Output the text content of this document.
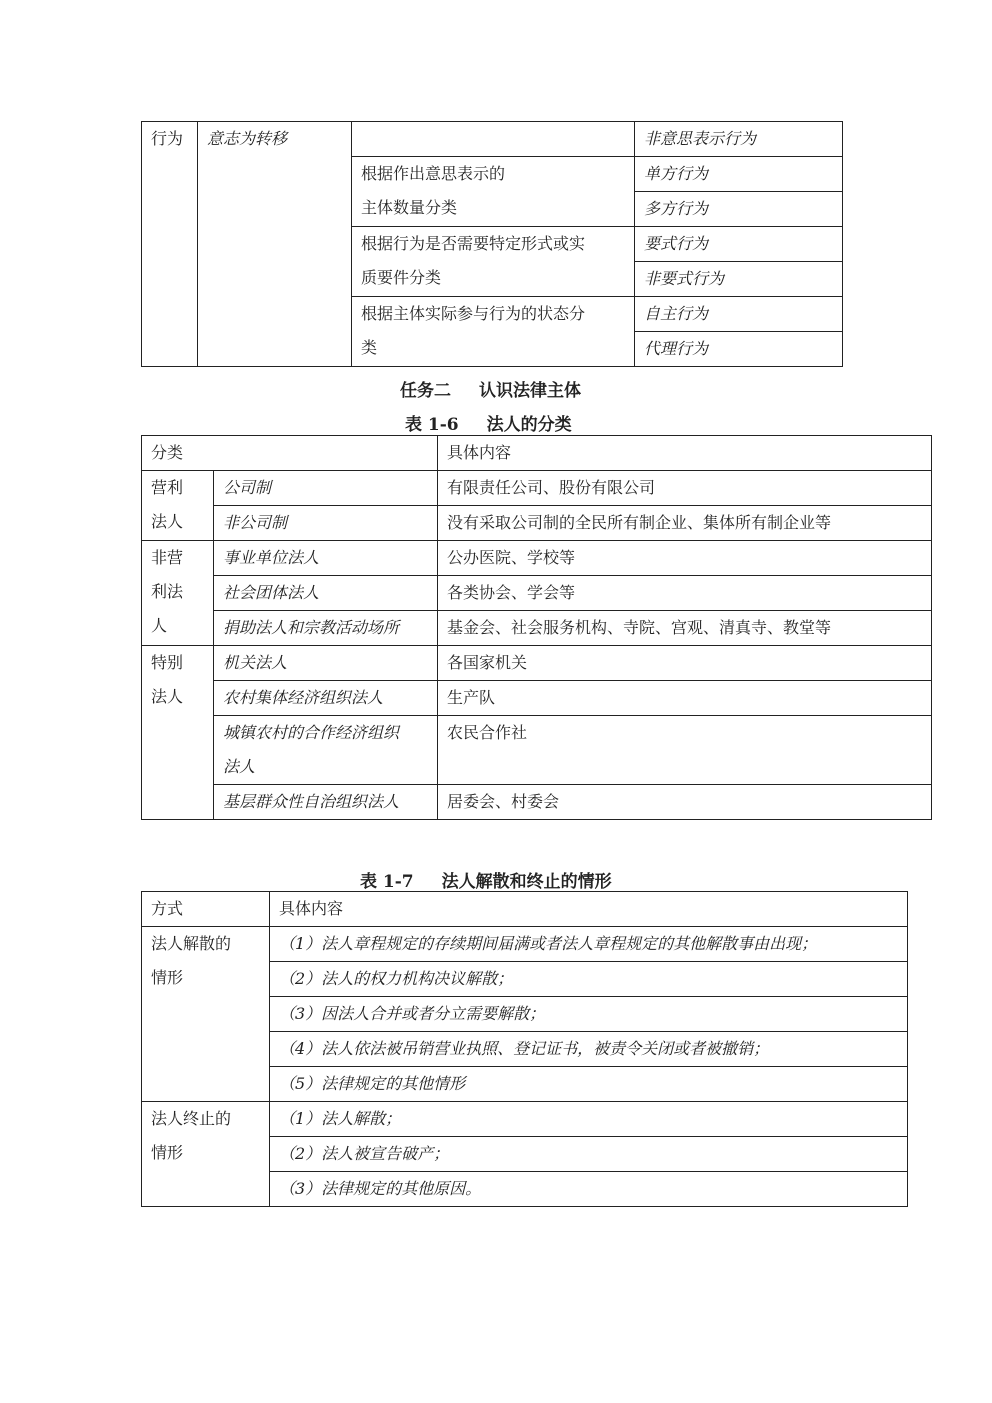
行为	意志为转移		非意思表示行为

		根据作出意思表示的
主体数量分类	单方行为
			多方行为

		根据行为是否需要特定形式或实
质要件分类	要式行为
			非要式行为

		根据主体实际参与行为的状态分
类	自主行为
			代理行为
任务二 认识法律主体
表 1-6 法人的分类
分类		具体内容

营利
法人	公司制	有限责任公司、股份有限公司
	非公司制	没有采取公司制的全民所有制企业、集体所有制企业等

非营
利法
人	事业单位法人	公办医院、学校等
	社会团体法人	各类协会、学会等
	捐助法人和宗教活动场所	基金会、社会服务机构、寺院、宫观、清真寺、教堂等

特别
法人	机关法人	各国家机关
	农村集体经济组织法人	生产队

	城镇农村的合作经济组织
法人	农民合作社
	基层群众性自治组织法人	居委会、村委会
表 1-7 法人解散和终止的情形
方式	具体内容

法人解散的
情形	（1）法人章程规定的存续期间届满或者法人章程规定的其他解散事由出现；
	（2）法人的权力机构决议解散；
	（3）因法人合并或者分立需要解散；
	（4）法人依法被吊销营业执照、登记证书，被责令关闭或者被撤销；
	（5）法律规定的其他情形

法人终止的
情形	（1）法人解散；
	（2）法人被宣告破产；
	（3）法律规定的其他原因。
